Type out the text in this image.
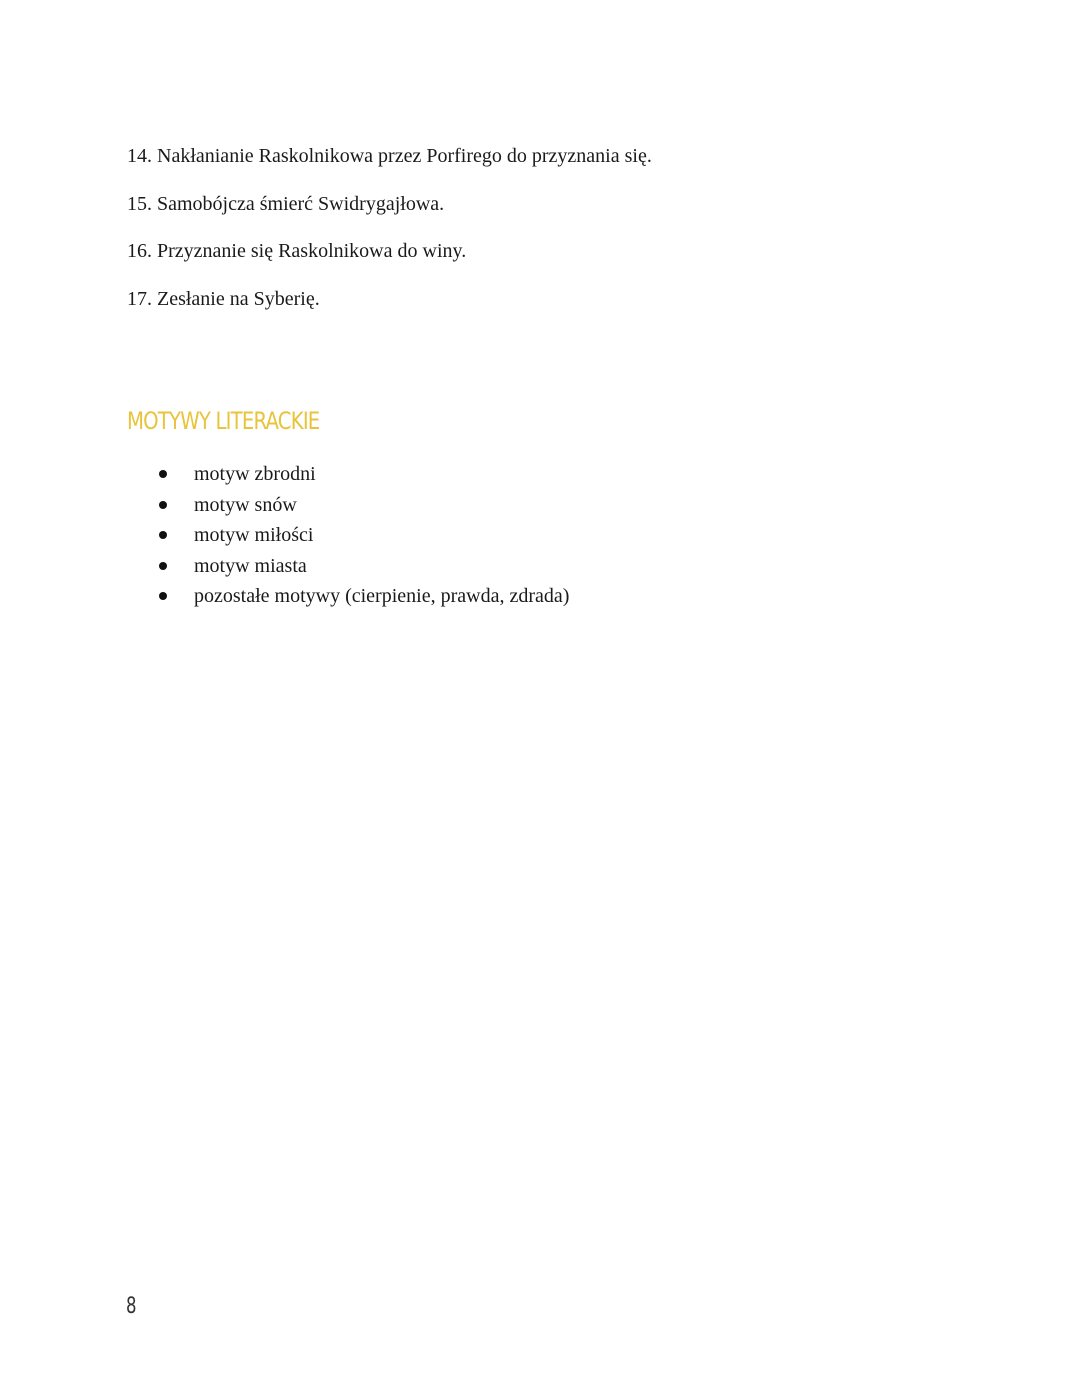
14. Nakłanianie Raskolnikowa przez Porfirego do przyznania się.
15. Samobójcza śmierć Swidrygajłowa.
16. Przyznanie się Raskolnikowa do winy.
17. Zesłanie na Syberię.
MOTYWY LITERACKIE
motyw zbrodni
motyw snów
motyw miłości
motyw miasta
pozostałe motywy (cierpienie, prawda, zdrada)
8
